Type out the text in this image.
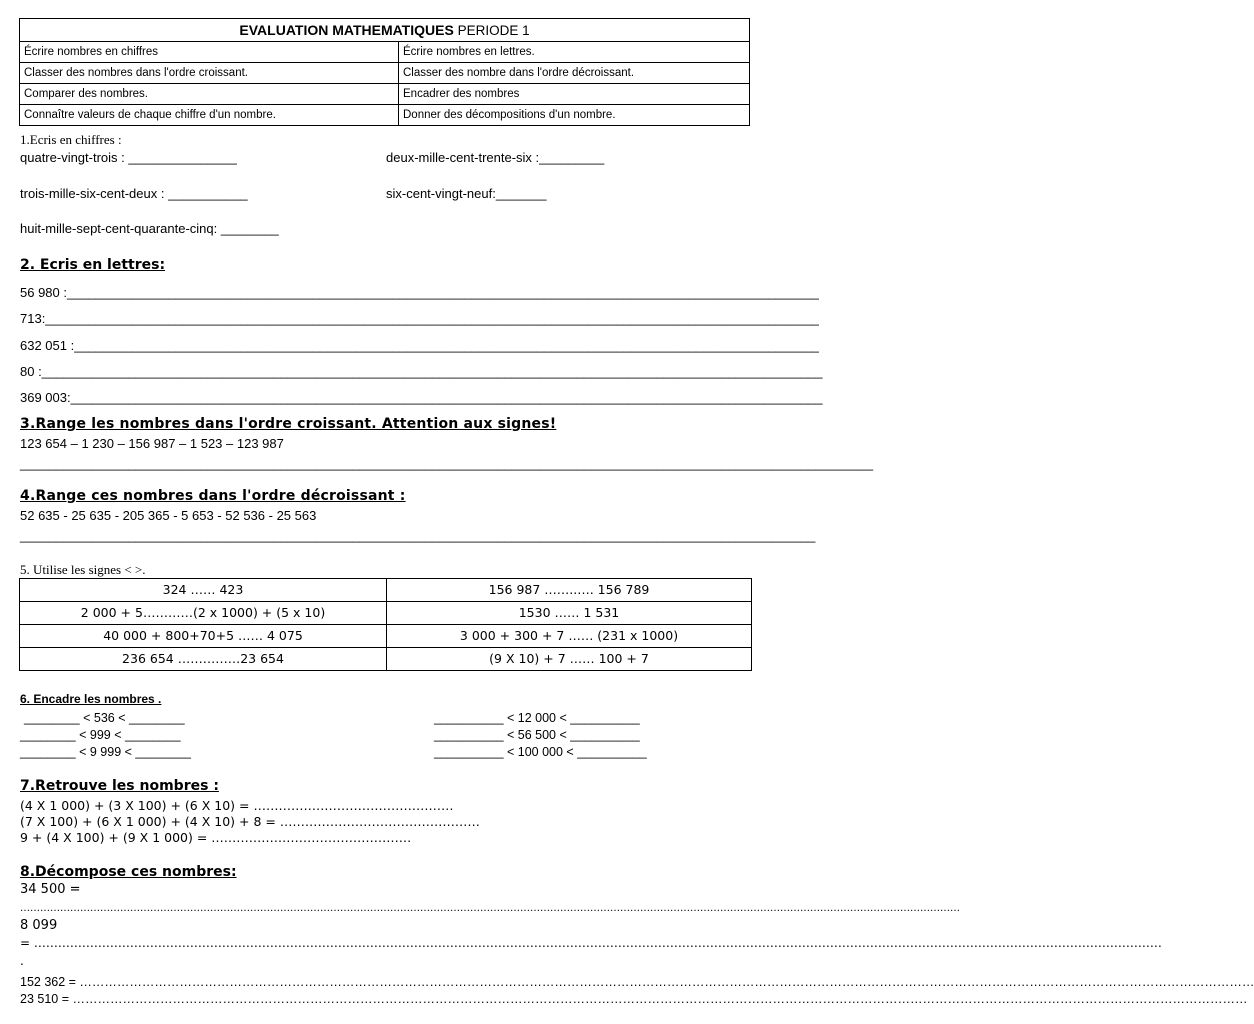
EVALUATION MATHEMATIQUES PERIODE 1	
Écrire nombres en chiffres	Écrire nombres en lettres.
Classer des nombres dans l'ordre croissant.	Classer des nombre dans l'ordre décroissant.
Comparer des nombres.	Encadrer des nombres
Connaître valeurs de chaque chiffre d'un nombre.	Donner des décompositions d'un nombre.
1.Ecris en chiffres :
quatre-vingt-trois : _______________	deux-mille-cent-trente-six :_________
trois-mille-six-cent-deux : ___________	six-cent-vingt-neuf:_______
huit-mille-sept-cent-quarante-cinq: ________
2. Ecris en lettres:
56 980 :________________________________________________________________________________________________________
713:___________________________________________________________________________________________________________
632 051 :_______________________________________________________________________________________________________
80 :____________________________________________________________________________________________________________
369 003:________________________________________________________________________________________________________
3.Range les nombres dans l'ordre croissant. Attention aux signes!
123 654 – 1 230 – 156 987 – 1 523 – 123 987
______________________________________________________________________________________________________________________
4.Range ces nombres dans l'ordre décroissant :
52 635 - 25 635 - 205 365 - 5 653 - 52 536 - 25 563
______________________________________________________________________________________________________________
5. Utilise les signes < >.
324 …… 423	156 987 ……..…. 156 789
2 000 + 5…………(2 x 1000) + (5 x 10)	1530 …… 1 531
40 000 + 800+70+5 …… 4 075	3 000 + 300 + 7 …… (231 x 1000)
236 654 ……………23 654	(9 X 10) + 7 …… 100 + 7
6. Encadre les nombres .
________ < 536 < ________
________ < 999 < ________
________ < 9 999 < ________
__________ < 12 000 < __________
__________ < 56 500 < __________
__________ < 100 000 < __________
7.Retrouve les nombres :
(4 X 1 000) + (3 X 100) + (6 X 10) = …………………………………………
(7 X 100) + (6 X 1 000) + (4 X 10) + 8 = …………………………………………
9 + (4 X 100) + (9 X 1 000) = …………………………………………
8.Décompose ces nombres:
34 500 =
…………………………………………………………………………………………………………………………………………………………………………………………………………………………………………………………
8 099
= …………………………………………………………………………………………………………………………………………………………………………………………………………………………………………………………
.
152 362 = …………………………………………………………………………………………………………………………………………………………………………………………………………………………………………………………
23 510 = …………………………………………………………………………………………………………………………………………………………………………………………………………………………………………………………
